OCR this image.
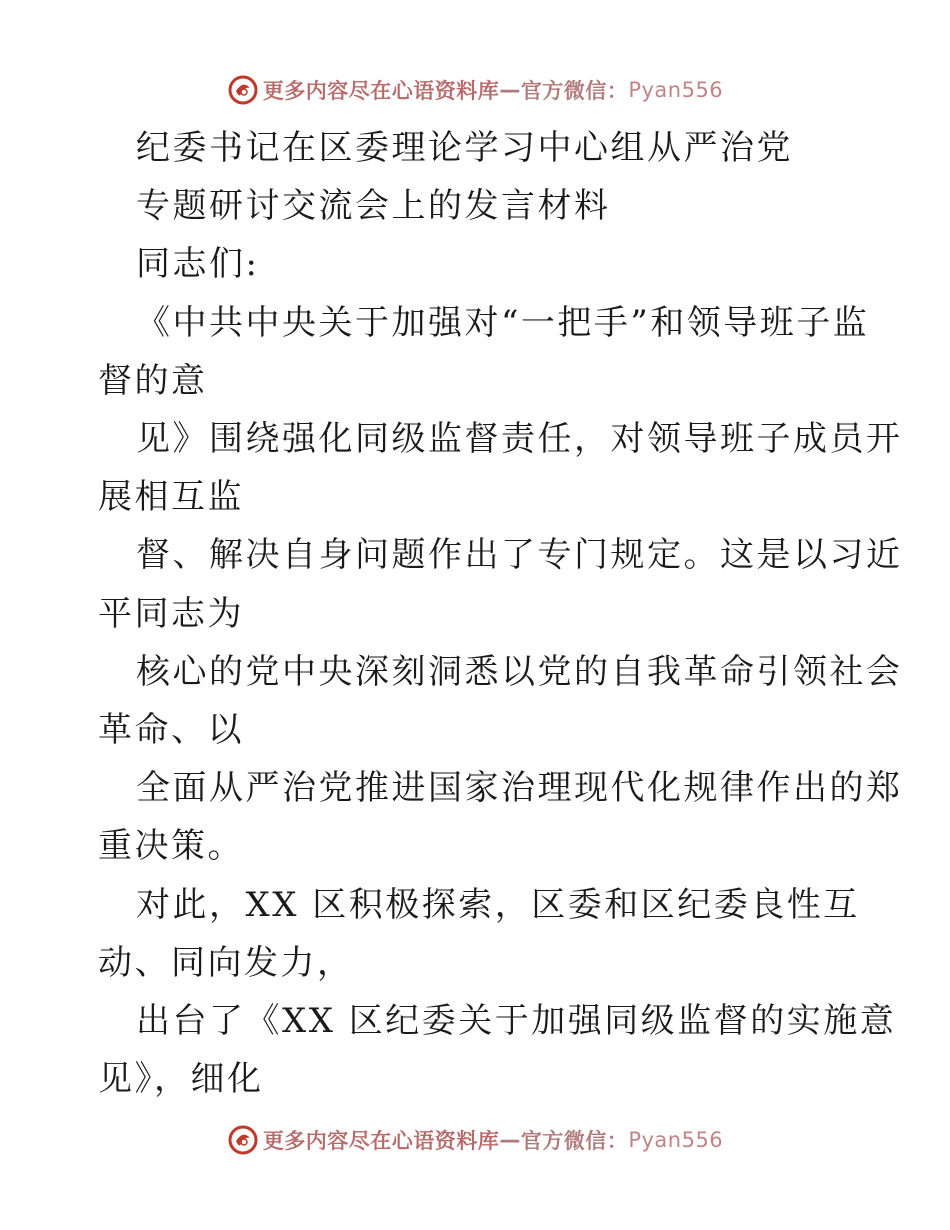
更多内容尽在心语资料库 — 官方微信： Pyan556
纪委书记在区委理论学习中心组从严治党
专题研讨交流会上的发言材料
同志们:
《中共中央关于加强对“一把手”和领导班子监
督的意
见》围绕强化同级监督责任，对领导班子成员开
展相互监
督、解决自身问题作出了专门规定。这是以习近
平同志为
核心的党中央深刻洞悉以党的自我革命引领社会
革命、以
全面从严治党推进国家治理现代化规律作出的郑
重决策。
对此，XX 区积极探索，区委和区纪委良性互
动、同向发力，
出台了《XX 区纪委关于加强同级监督的实施意
见》，细化
更多内容尽在心语资料库 — 官方微信： Pyan556
